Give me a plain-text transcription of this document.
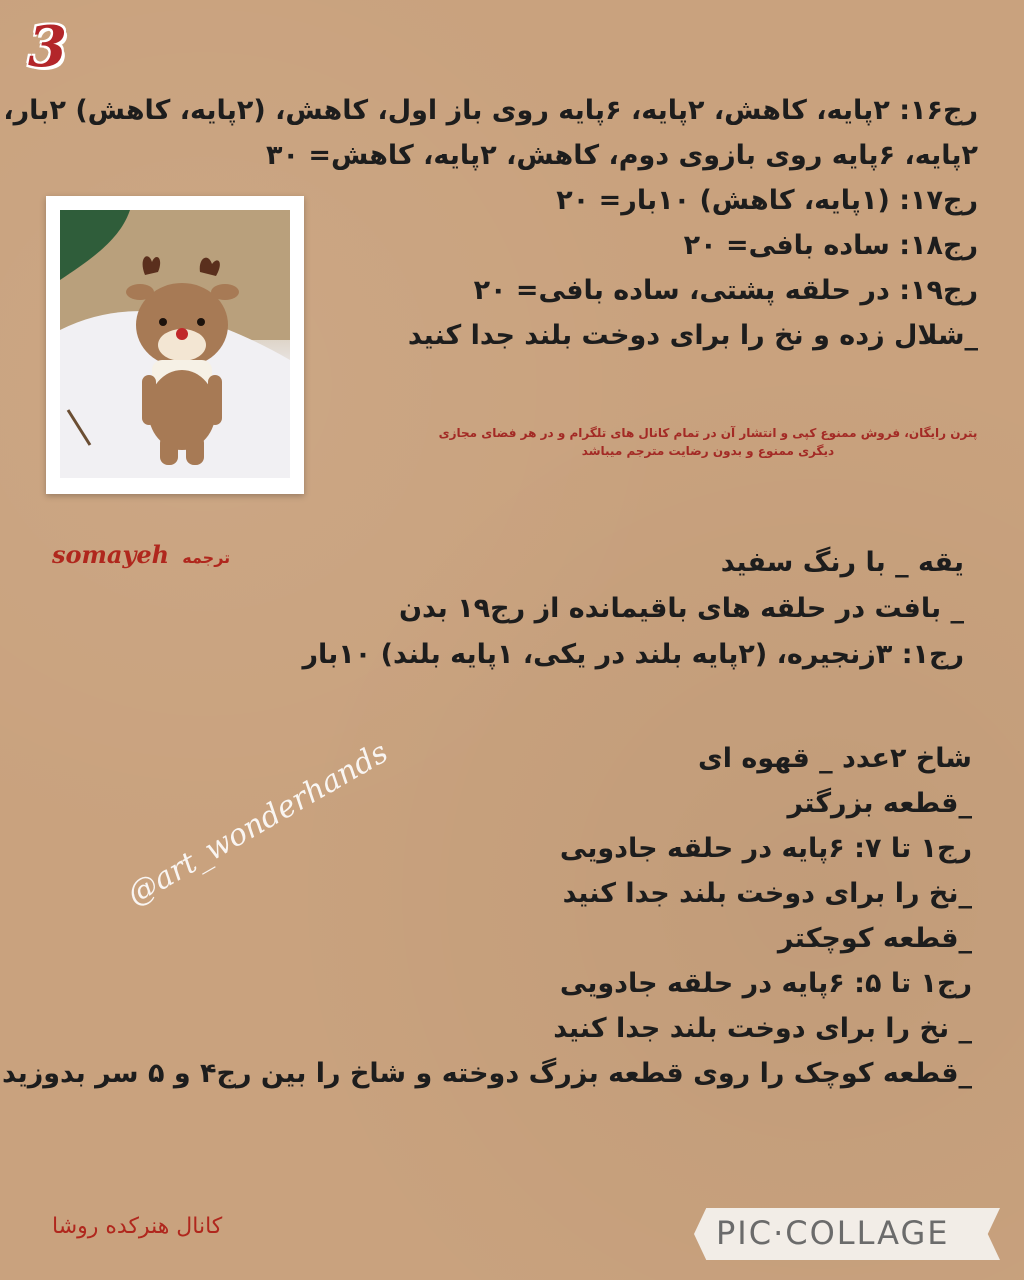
3
رج۱۶: ۲پایه، کاهش، ۲پایه، ۶پایه روی باز اول، کاهش، (۲پایه، کاهش) ۲بار،
۲پایه، ۶پایه روی بازوی دوم، کاهش، ۲پایه، کاهش= ۳۰
رج۱۷: (۱پایه، کاهش) ۱۰بار= ۲۰
رج۱۸: ساده بافی= ۲۰
رج۱۹: در حلقه پشتی، ساده بافی= ۲۰
_شلال زده و نخ را برای دوخت بلند جدا کنید
پترن رایگان، فروش ممنوع کپی و انتشار آن در تمام کانال های تلگرام و در هر فضای مجازی
دیگری ممنوع و بدون رضایت مترجم میباشد
somayeh ترجمه	یقه _ با رنگ سفید
_ بافت در حلقه های باقیمانده از رج۱۹ بدن
رج۱: ۳زنجیره، (۲پایه بلند در یکی، ۱پایه بلند) ۱۰بار
شاخ ۲عدد _ قهوه ای
_قطعه بزرگتر
رج۱ تا ۷: ۶پایه در حلقه جادویی
_نخ را برای دوخت بلند جدا کنید
_قطعه کوچکتر
رج۱ تا ۵: ۶پایه در حلقه جادویی
_ نخ را برای دوخت بلند جدا کنید
_قطعه کوچک را روی قطعه بزرگ دوخته و شاخ را بین رج۴ و ۵ سر بدوزید
@art_wonderhands
کانال هنرکده روشا	PIC·COLLAGE
